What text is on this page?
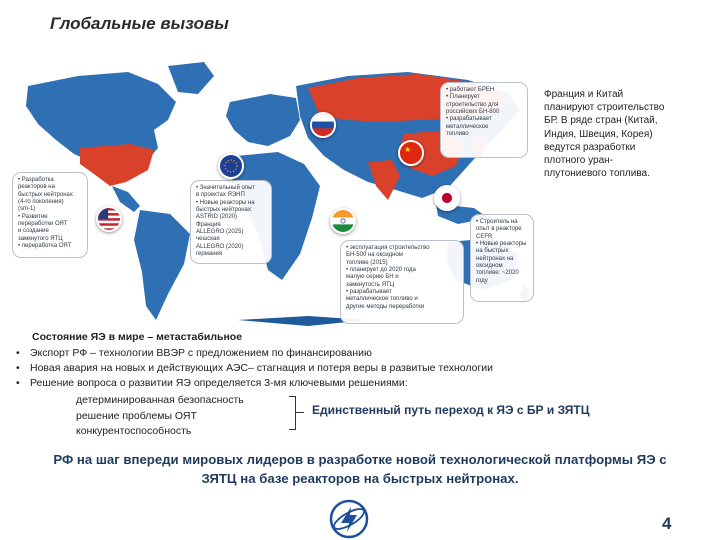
Глобальные вызовы
• Разработка
реакторов на
быстрых нейтронах
(4-го поколения)
(sm-1)
• Развитие
переработки ОЯТ
и создание
замкнутого ЯТЦ
• переработка ОЯТ
• Значительный опыт
в проектах ЯЭНП
• Новые реакторы на
быстрых нейтронах:
ASTRID (2020)
Франция
ALLEGRO (2025)
чешская
ALLEGRO (2020)
германия
• работают БРЕН
• Планирует
строительство для
российских БН-800
• разрабатывает
металлическое
топливо
• эксплуатация строительство
БН-500 на оксидном
топливе (2015)
• планирует до 2020 года
малую серию БН и
замкнутость ЯТЦ
• разрабатывает
металлическое топливо и
другие методы переработки
• Строитель на
опыт в реакторе
CEFR
• Новые реакторы
на быстрых
нейтронах на
оксидном
топливе: ~2020
году
★
Франция и Китай
планируют строительство
БР. В ряде стран (Китай,
Индия, Швеция, Корея)
ведутся разработки
плотного уран-
плутониевого топлива.
Состояние ЯЭ в мире – метастабильное
• Экспорт РФ – технологии ВВЭР с предложением по финансированию
• Новая авария на новых и действующих АЭС– стагнация и потеря веры в развитые технологии
• Решение вопроса о развитии ЯЭ определяется 3-мя ключевыми решениями:
детерминированная безопасность
решение проблемы ОЯТ
конкурентоспособность
Единственный путь переход к ЯЭ с БР и ЗЯТЦ
РФ на шаг впереди мировых лидеров в разработке новой технологической платформы ЯЭ с ЗЯТЦ на базе реакторов на быстрых нейтронах.
4
